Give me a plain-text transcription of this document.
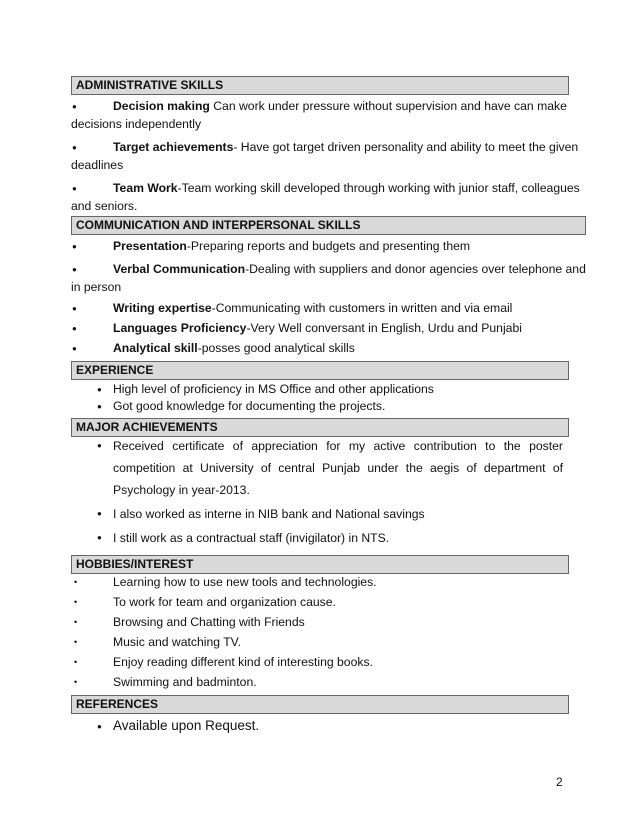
ADMINISTRATIVE SKILLS

●Decision making Can work under pressure without supervision and have can make decisions independently

●Target achievements- Have got target driven personality and ability to meet the given deadlines

●Team Work-Team working skill developed through working with junior staff, colleagues and seniors.

COMMUNICATION AND INTERPERSONAL SKILLS

●Presentation-Preparing reports and budgets and presenting them

●Verbal Communication-Dealing with suppliers and donor agencies over telephone and in person

●Writing expertise-Communicating with customers in written and via email

●Languages Proficiency-Very Well conversant in English, Urdu and Punjabi

●Analytical skill-posses good analytical skills

EXPERIENCE
● High level of proficiency in MS Office and other applications
● Got good knowledge for documenting the projects.
MAJOR ACHIEVEMENTS
● Received certificate of appreciation for my active contribution to the poster competition at University of central Punjab under the aegis of department of Psychology in year-2013.
● I also worked as interne in NIB bank and National savings
● I still work as a contractual staff (invigilator) in NTS.
HOBBIES/INTEREST
•	Learning how to use new tools and technologies.
•	To work for team and organization cause.
•	Browsing and Chatting with Friends
•	Music and watching TV.
•	Enjoy reading different kind of interesting books.
•	Swimming and badminton.
REFERENCES
● Available upon Request.
2
